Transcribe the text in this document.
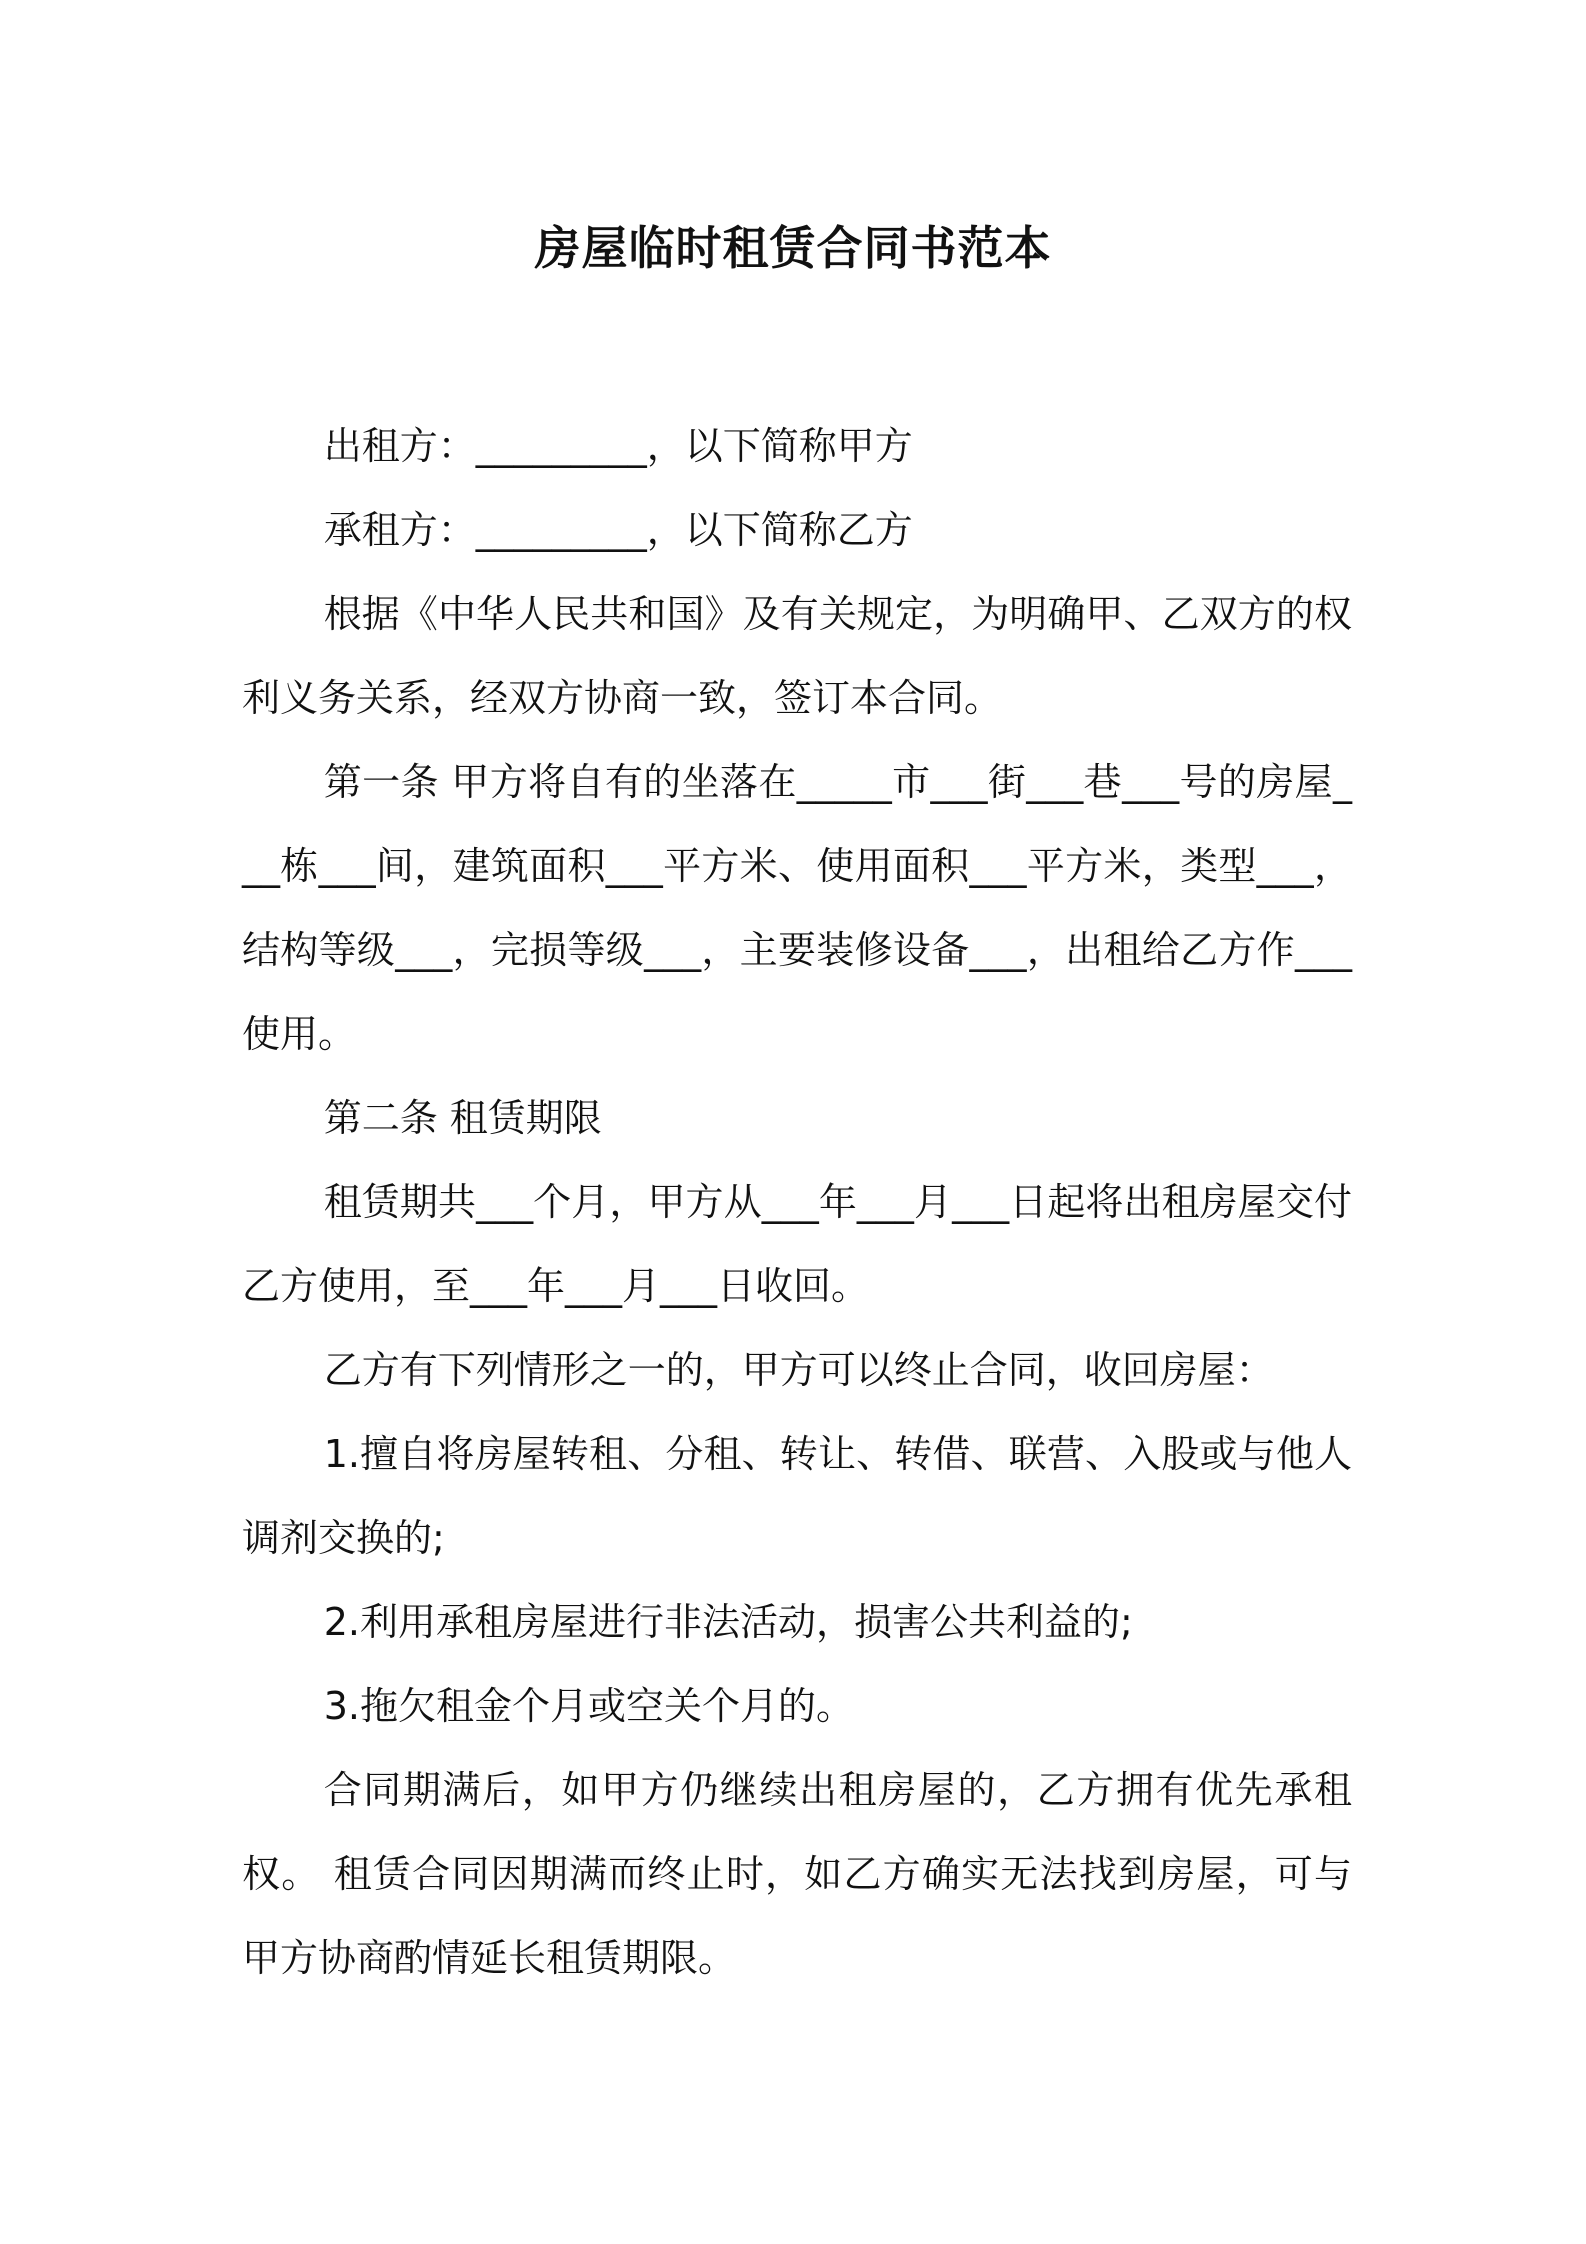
房屋临时租赁合同书范本

出租方：_________，以下简称甲方

承租方：_________，以下简称乙方

根据《中华人民共和国》及有关规定，为明确甲、乙双方的权利义务关系，经双方协商一致，签订本合同。

第一条 甲方将自有的坐落在_____市___街___巷___号的房屋___栋___间，建筑面积___平方米、使用面积___平方米，类型___，结构等级___，完损等级___，主要装修设备___，出租给乙方作___使用。

第二条 租赁期限

租赁期共___个月，甲方从___年___月___日起将出租房屋交付乙方使用，至___年___月___日收回。

乙方有下列情形之一的，甲方可以终止合同，收回房屋：

1.擅自将房屋转租、分租、转让、转借、联营、入股或与他人调剂交换的;

2.利用承租房屋进行非法活动，损害公共利益的;

3.拖欠租金个月或空关个月的。

合同期满后，如甲方仍继续出租房屋的，乙方拥有优先承租权。 租赁合同因期满而终止时，如乙方确实无法找到房屋，可与甲方协商酌情延长租赁期限。
